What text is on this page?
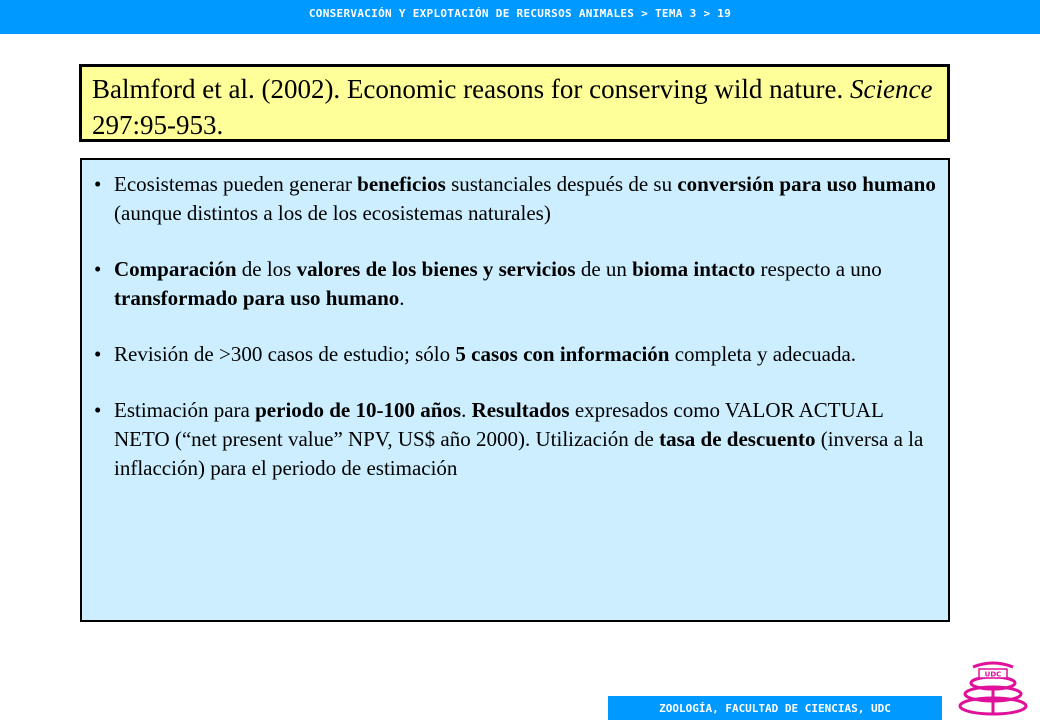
CONSERVACIÓN Y EXPLOTACIÓN DE RECURSOS ANIMALES > TEMA 3 > 19
Balmford et al. (2002). Economic reasons for conserving wild nature. Science 297:95-953.
• Ecosistemas pueden generar beneficios sustanciales después de su conversión para uso humano (aunque distintos a los de los ecosistemas naturales)
• Comparación de los valores de los bienes y servicios de un bioma intacto respecto a uno transformado para uso humano.
• Revisión de >300 casos de estudio; sólo 5 casos con información completa y adecuada.
• Estimación para periodo de 10-100 años. Resultados expresados como VALOR ACTUAL NETO (“net present value” NPV, US$ año 2000). Utilización de tasa de descuento (inversa a la inflacción) para el periodo de estimación
ZOOLOGÍA, FACULTAD DE CIENCIAS, UDC
UDC
